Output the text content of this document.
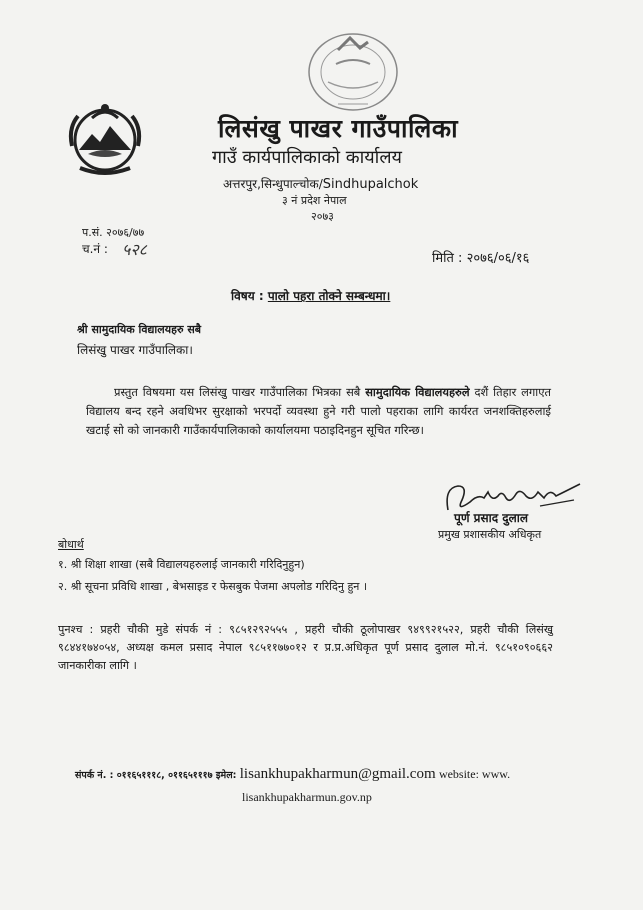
लिसंखु पाखर गाउँपालिका
गाउँ कार्यपालिकाको कार्यालय
अत्तरपुर,सिन्धुपाल्चोक/Sindhupalchok
३ नं प्रदेश नेपाल
२०७३
प.सं. २०७६/७७
च.नं : ५२८	मिति : २०७६/०६/१६
विषय : पालो पहरा तोक्ने सम्बन्धमा।
श्री सामुदायिक विद्यालयहरु सबै
लिसंखु पाखर गाउँपालिका।
प्रस्तुत विषयमा यस लिसंखु पाखर गाउँपालिका भित्रका सबै सामुदायिक विद्यालयहरुले दशैं तिहार लगाएत विद्यालय बन्द रहने अवधिभर सुरक्षाको भरपर्दो व्यवस्था हुने गरी पालो पहराका लागि कार्यरत जनशक्तिहरुलाई खटाई सो को जानकारी गाउँकार्यपालिकाको कार्यालयमा पठाइदिनहुन सूचित गरिन्छ।
पूर्ण प्रसाद दुलाल
प्रमुख प्रशासकीय अधिकृत
बोधार्थ
१. श्री शिक्षा शाखा (सबै विद्यालयहरुलाई जानकारी गरिदिनुहुन)
२. श्री सूचना प्रविधि शाखा , बेभसाइड र फेसबुक पेजमा अपलोड गरिदिनु हुन ।
पुनश्च : प्रहरी चौकी मुडे संपर्क नं : ९८५१२९२५५५ , प्रहरी चौकी ठूलोपाखर ९४९९२१५२२, प्रहरी चौकी लिसंखु ९८४४१७४०५४, अध्यक्ष कमल प्रसाद नेपाल ९८५११७७०१२ र प्र.प्र.अधिकृत पूर्ण प्रसाद दुलाल मो.नं. ९८५१०९०६६२ जानकारीका लागि ।
संपर्क नं. : ०११६५१११८, ०११६५१११७ इमेल: lisankhupakharmun@gmail.com website: www.
lisankhupakharmun.gov.np
